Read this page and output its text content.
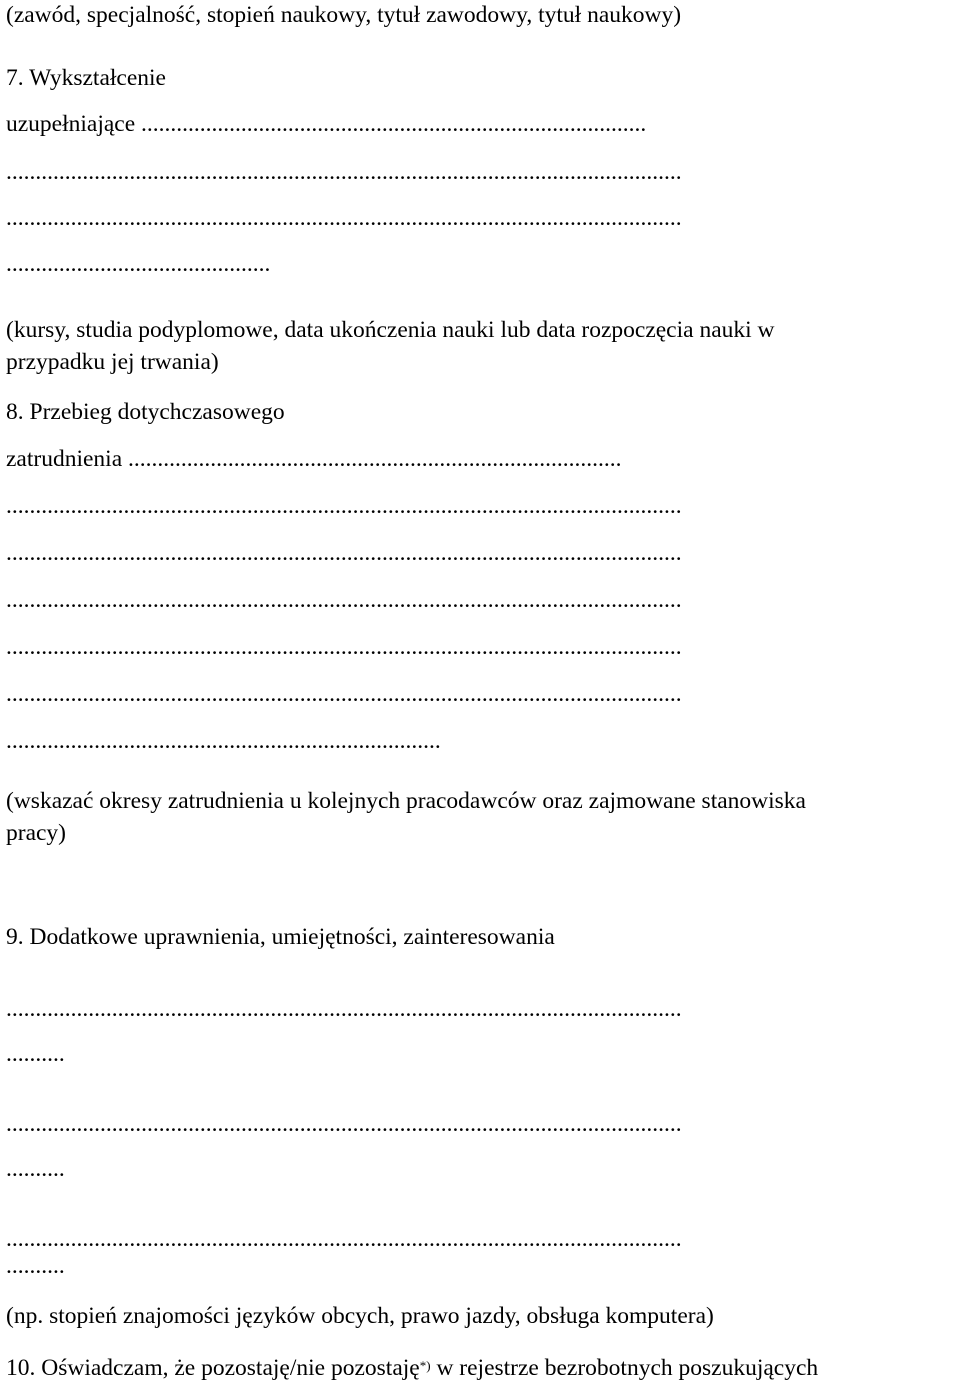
(zawód, specjalność, stopień naukowy, tytuł zawodowy, tytuł naukowy)
7. Wykształcenie
uzupełniające ......................................................................................
...................................................................................................................
...................................................................................................................
.............................................
(kursy, studia podyplomowe, data ukończenia nauki lub data rozpoczęcia nauki w
przypadku jej trwania)
8. Przebieg dotychczasowego
zatrudnienia ....................................................................................
...................................................................................................................
...................................................................................................................
...................................................................................................................
...................................................................................................................
...................................................................................................................
..........................................................................
(wskazać okresy zatrudnienia u kolejnych pracodawców oraz zajmowane stanowiska
pracy)
9. Dodatkowe uprawnienia, umiejętności, zainteresowania
...................................................................................................................
..........
...................................................................................................................
..........
...................................................................................................................
..........
(np. stopień znajomości języków obcych, prawo jazdy, obsługa komputera)
10. Oświadczam, że pozostaję/nie pozostaję*) w rejestrze bezrobotnych poszukujących
